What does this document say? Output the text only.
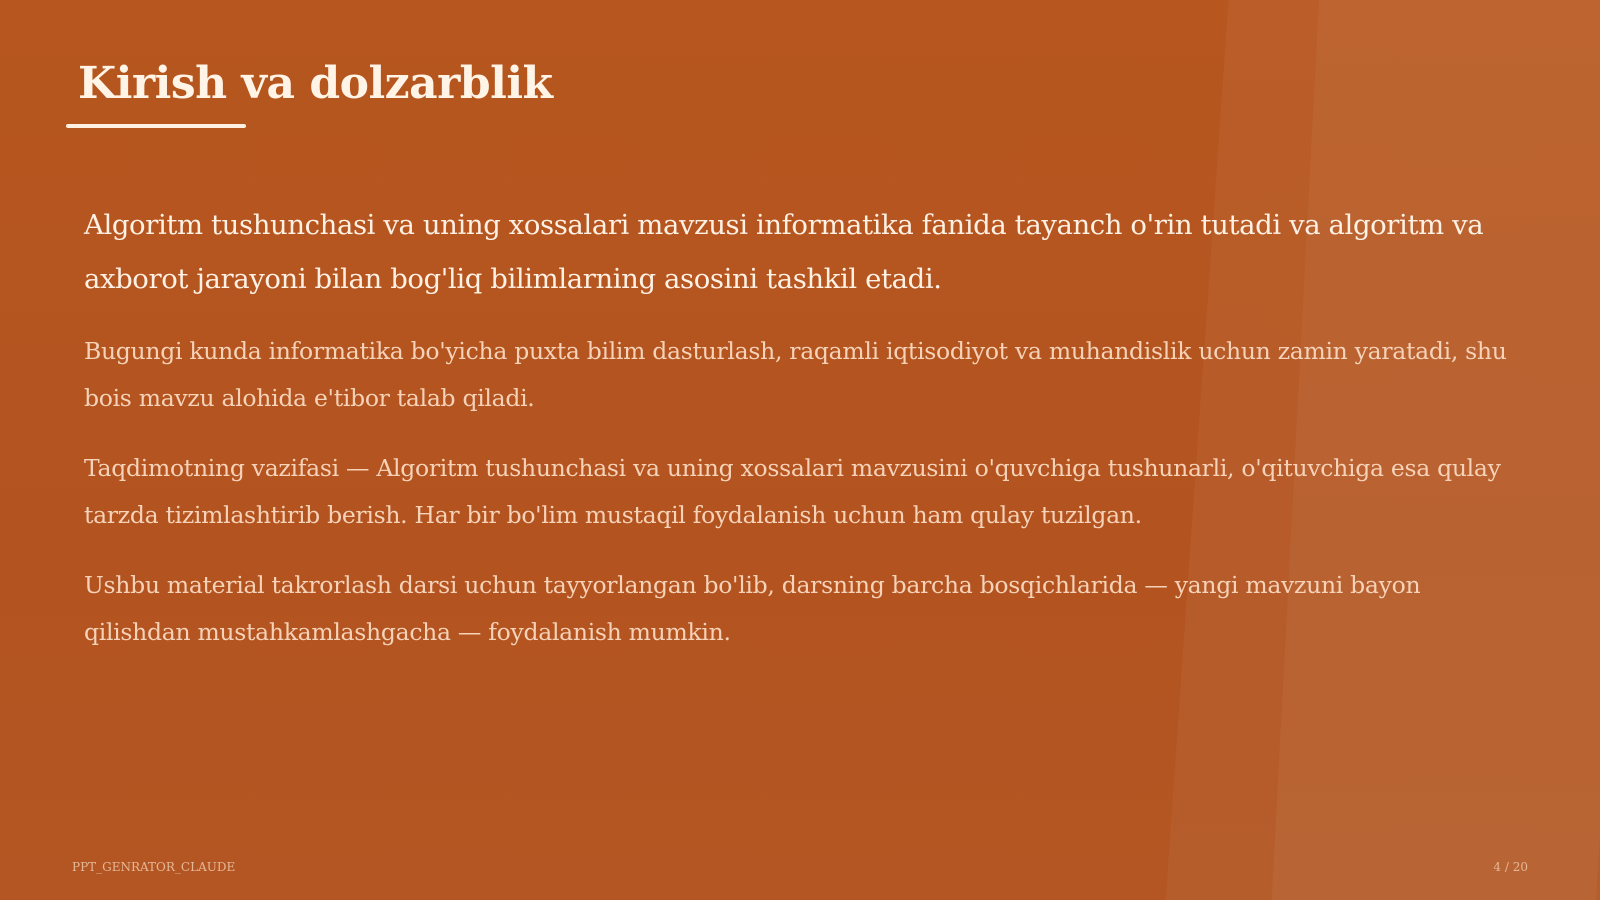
Kirish va dolzarblik

Algoritm tushunchasi va uning xossalari mavzusi informatika fanida tayanch o'rin tutadi va algoritm va axborot jarayoni bilan bog'liq bilimlarning asosini tashkil etadi.

Bugungi kunda informatika bo'yicha puxta bilim dasturlash, raqamli iqtisodiyot va muhandislik uchun zamin yaratadi, shu bois mavzu alohida e'tibor talab qiladi.

Taqdimotning vazifasi — Algoritm tushunchasi va uning xossalari mavzusini o'quvchiga tushunarli, o'qituvchiga esa qulay tarzda tizimlashtirib berish. Har bir bo'lim mustaqil foydalanish uchun ham qulay tuzilgan.

Ushbu material takrorlash darsi uchun tayyorlangan bo'lib, darsning barcha bosqichlarida — yangi mavzuni bayon qilishdan mustahkamlashgacha — foydalanish mumkin.

PPT_GENRATOR_CLAUDE	4 / 20
